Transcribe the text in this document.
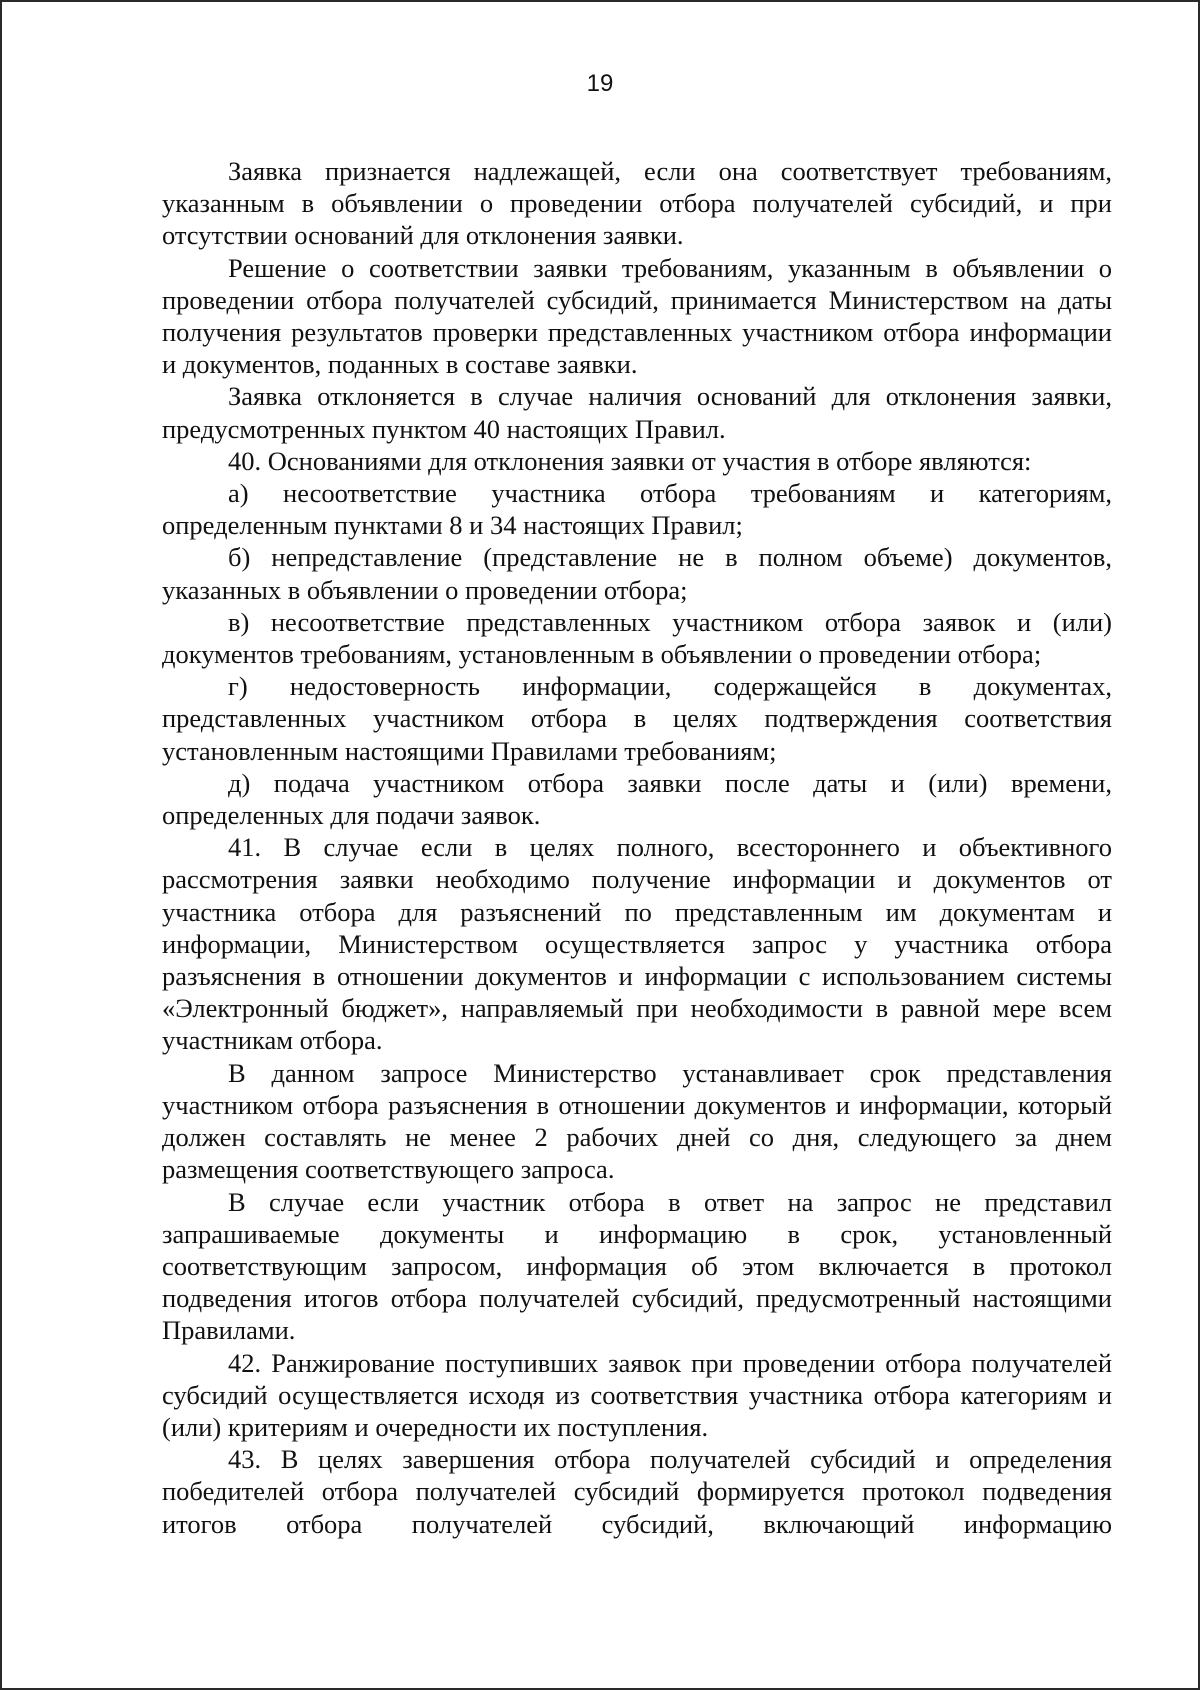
19

Заявка признается надлежащей, если она соответствует требованиям, указанным в объявлении о проведении отбора получателей субсидий, и при отсутствии оснований для отклонения заявки.

Решение о соответствии заявки требованиям, указанным в объявлении о проведении отбора получателей субсидий, принимается Министерством на даты получения результатов проверки представленных участником отбора информации и документов, поданных в составе заявки.

Заявка отклоняется в случае наличия оснований для отклонения заявки, предусмотренных пунктом 40 настоящих Правил.

40. Основаниями для отклонения заявки от участия в отборе являются:

а) несоответствие участника отбора требованиям и категориям, определенным пунктами 8 и 34 настоящих Правил;

б) непредставление (представление не в полном объеме) документов, указанных в объявлении о проведении отбора;

в) несоответствие представленных участником отбора заявок и (или) документов требованиям, установленным в объявлении о проведении отбора;

г) недостоверность информации, содержащейся в документах, представленных участником отбора в целях подтверждения соответствия установленным настоящими Правилами требованиям;

д) подача участником отбора заявки после даты и (или) времени, определенных для подачи заявок.

41. В случае если в целях полного, всестороннего и объективного рассмотрения заявки необходимо получение информации и документов от участника отбора для разъяснений по представленным им документам и информации, Министерством осуществляется запрос у участника отбора разъяснения в отношении документов и информации с использованием системы «Электронный бюджет», направляемый при необходимости в равной мере всем участникам отбора.

В данном запросе Министерство устанавливает срок представления участником отбора разъяснения в отношении документов и информации, который должен составлять не менее 2 рабочих дней со дня, следующего за днем размещения соответствующего запроса.

В случае если участник отбора в ответ на запрос не представил запрашиваемые документы и информацию в срок, установленный соответствующим запросом, информация об этом включается в протокол подведения итогов отбора получателей субсидий, предусмотренный настоящими Правилами.

42. Ранжирование поступивших заявок при проведении отбора получателей субсидий осуществляется исходя из соответствия участника отбора категориям и (или) критериям и очередности их поступления.

43. В целях завершения отбора получателей субсидий и определения победителей отбора получателей субсидий формируется протокол подведения итогов отбора получателей субсидий, включающий информацию
